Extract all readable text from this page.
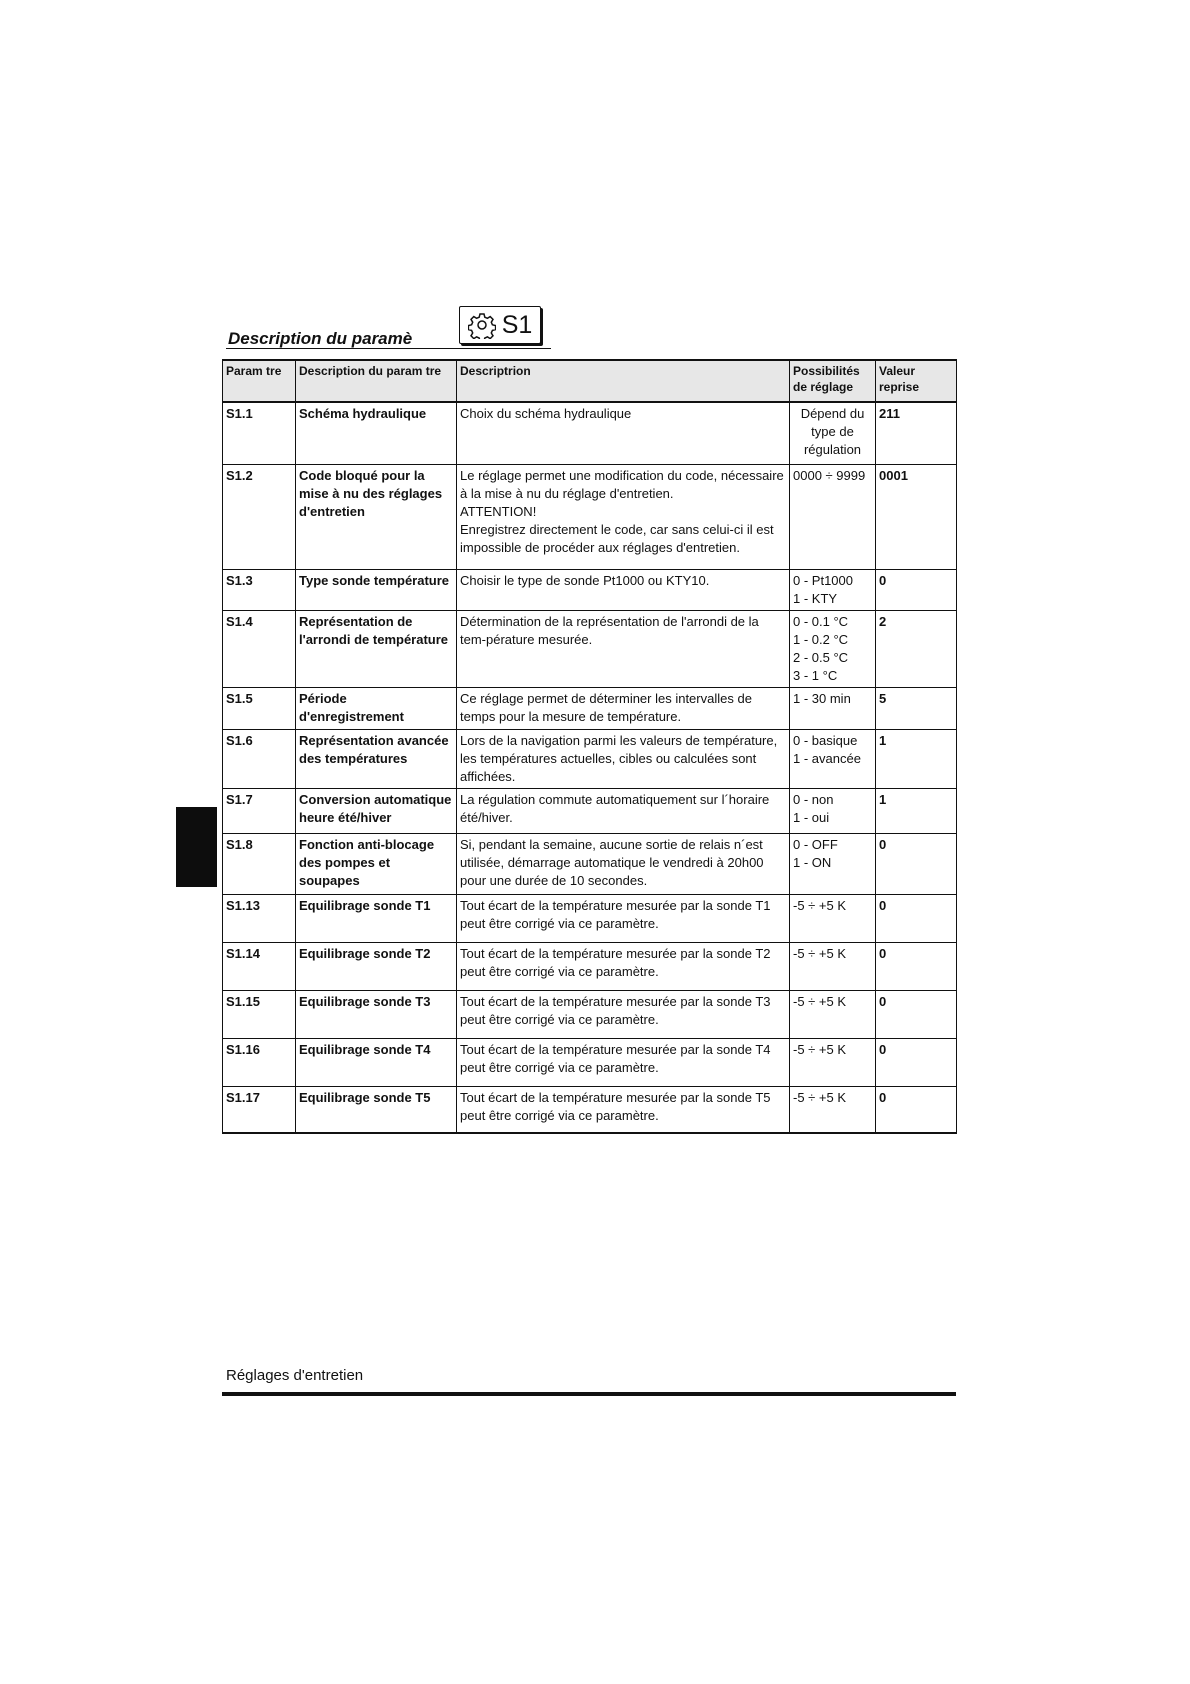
Description du paramè	S1
Param tre	Description du param tre	Descriptrion	Possibilités de réglage	Valeur reprise
S1.1	Schéma hydraulique	Choix du schéma hydraulique	Dépend du
type de
régulation	211
S1.2	Code bloqué pour la mise à nu des réglages d'entretien	Le réglage permet une modification du code, nécessaire à la mise à nu du réglage d'entretien.
ATTENTION!
Enregistrez directement le code, car sans celui-ci il est impossible de procéder aux réglages d'entretien.	0000 ÷ 9999	0001
S1.3	Type sonde température	Choisir le type de sonde Pt1000 ou KTY10.	0 - Pt1000
1 - KTY	0
S1.4	Représentation de l'arrondi de température	Détermination de la représentation de l'arrondi de la tem-pérature mesurée.	0 - 0.1 °C
1 - 0.2 °C
2 - 0.5 °C
3 - 1 °C	2
S1.5	Période d'enregistrement	Ce réglage permet de déterminer les intervalles de temps pour la mesure de température.	1 - 30 min	5
S1.6	Représentation avancée des températures	Lors de la navigation parmi les valeurs de température, les températures actuelles, cibles ou calculées sont affichées.	0 - basique
1 - avancée	1
S1.7	Conversion automatique heure été/hiver	La régulation commute automatiquement sur l´horaire été/hiver.	0 - non
1 - oui	1
S1.8	Fonction anti-blocage des pompes et soupapes	Si, pendant la semaine, aucune sortie de relais n´est utilisée, démarrage automatique le vendredi à 20h00 pour une durée de 10 secondes.	0 - OFF
1 - ON	0
S1.13	Equilibrage sonde T1	Tout écart de la température mesurée par la sonde T1 peut être corrigé via ce paramètre.	-5 ÷ +5 K	0
S1.14	Equilibrage sonde T2	Tout écart de la température mesurée par la sonde T2 peut être corrigé via ce paramètre.	-5 ÷ +5 K	0
S1.15	Equilibrage sonde T3	Tout écart de la température mesurée par la sonde T3 peut être corrigé via ce paramètre.	-5 ÷ +5 K	0
S1.16	Equilibrage sonde T4	Tout écart de la température mesurée par la sonde T4 peut être corrigé via ce paramètre.	-5 ÷ +5 K	0
S1.17	Equilibrage sonde T5	Tout écart de la température mesurée par la sonde T5 peut être corrigé via ce paramètre.	-5 ÷ +5 K	0

Réglages d'entretien
